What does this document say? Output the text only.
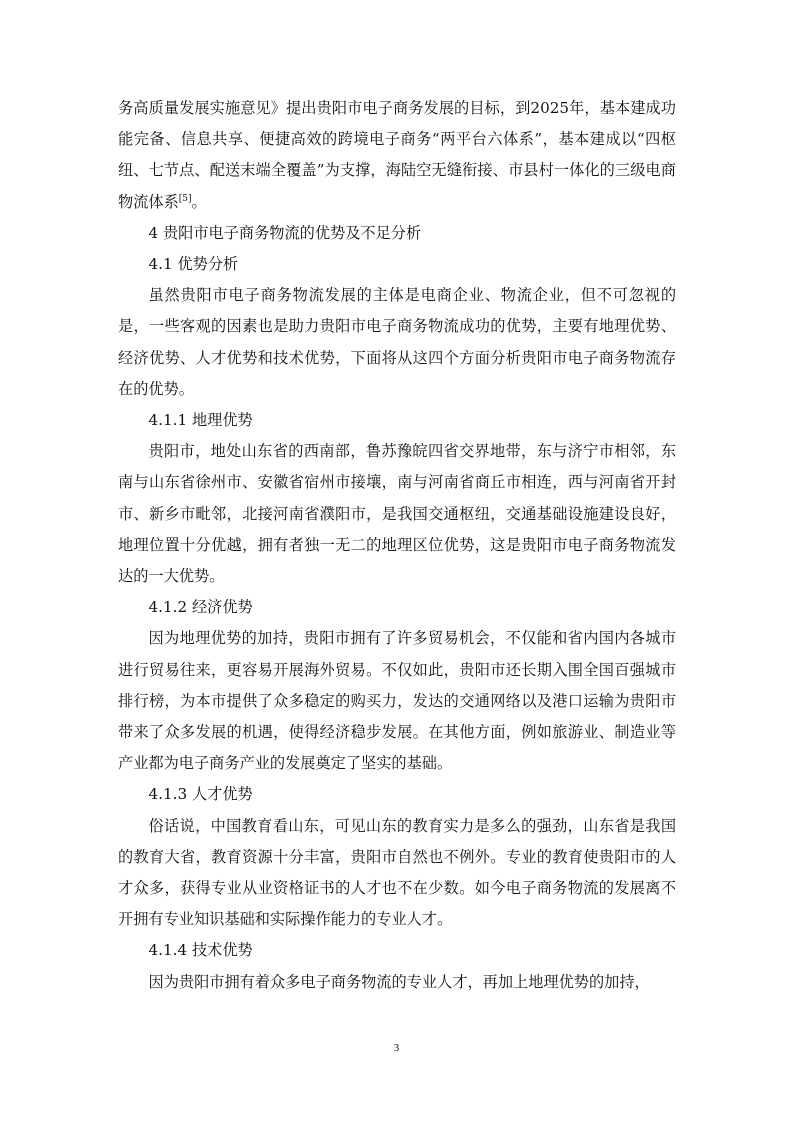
务高质量发展实施意见》提出贵阳市电子商务发展的目标，到2025年，基本建成功能完备、信息共享、便捷高效的跨境电子商务“两平台六体系”，基本建成以“四枢纽、七节点、配送末端全覆盖”为支撑，海陆空无缝衔接、市县村一体化的三级电商物流体系[5]。

4 贵阳市电子商务物流的优势及不足分析

4.1 优势分析

虽然贵阳市电子商务物流发展的主体是电商企业、物流企业，但不可忽视的是，一些客观的因素也是助力贵阳市电子商务物流成功的优势，主要有地理优势、经济优势、人才优势和技术优势，下面将从这四个方面分析贵阳市电子商务物流存在的优势。

4.1.1 地理优势

贵阳市，地处山东省的西南部，鲁苏豫皖四省交界地带，东与济宁市相邻，东南与山东省徐州市、安徽省宿州市接壤，南与河南省商丘市相连，西与河南省开封市、新乡市毗邻，北接河南省濮阳市，是我国交通枢纽，交通基础设施建设良好，地理位置十分优越，拥有者独一无二的地理区位优势，这是贵阳市电子商务物流发达的一大优势。

4.1.2 经济优势

因为地理优势的加持，贵阳市拥有了许多贸易机会，不仅能和省内国内各城市进行贸易往来，更容易开展海外贸易。不仅如此，贵阳市还长期入围全国百强城市排行榜，为本市提供了众多稳定的购买力，发达的交通网络以及港口运输为贵阳市带来了众多发展的机遇，使得经济稳步发展。在其他方面，例如旅游业、制造业等产业都为电子商务产业的发展奠定了坚实的基础。

4.1.3 人才优势

俗话说，中国教育看山东，可见山东的教育实力是多么的强劲，山东省是我国的教育大省，教育资源十分丰富，贵阳市自然也不例外。专业的教育使贵阳市的人才众多，获得专业从业资格证书的人才也不在少数。如今电子商务物流的发展离不开拥有专业知识基础和实际操作能力的专业人才。

4.1.4 技术优势

因为贵阳市拥有着众多电子商务物流的专业人才，再加上地理优势的加持，

3
